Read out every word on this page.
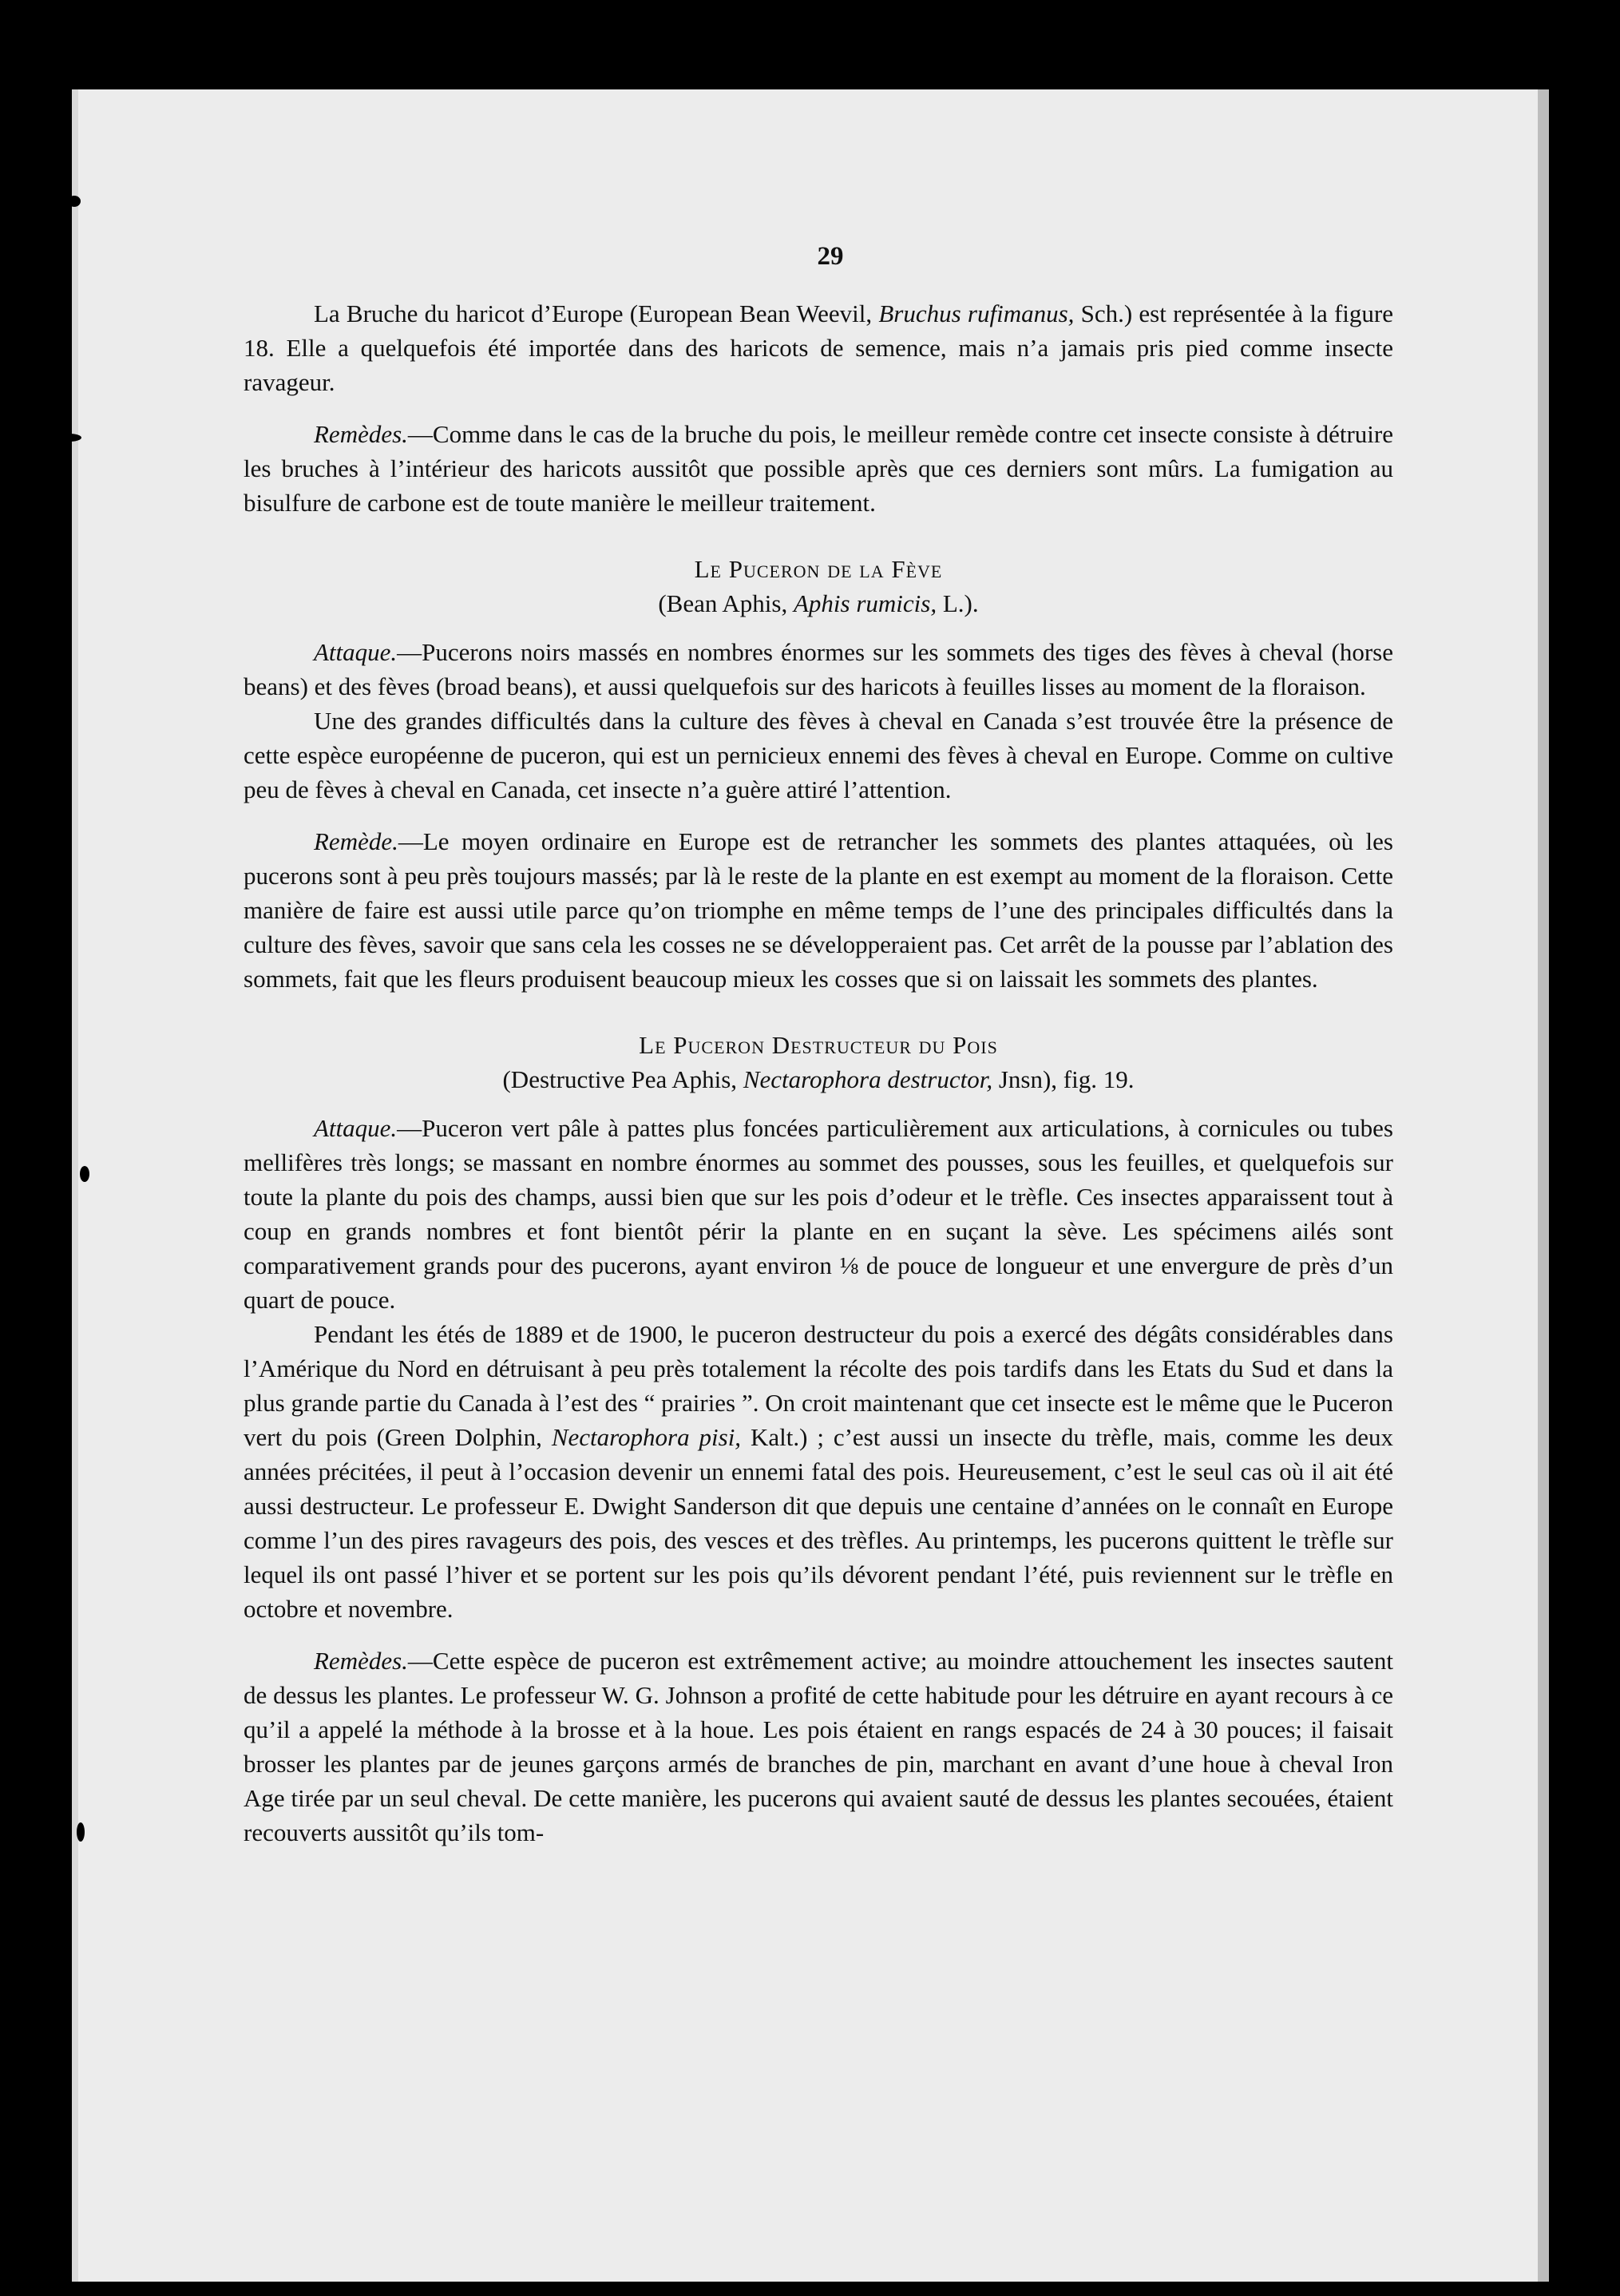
29

La Bruche du haricot d’Europe (European Bean Weevil, Bruchus rufimanus, Sch.) est représentée à la figure 18. Elle a quelquefois été importée dans des haricots de semence, mais n’a jamais pris pied comme insecte ravageur.

Remèdes.—Comme dans le cas de la bruche du pois, le meilleur remède contre cet insecte consiste à détruire les bruches à l’intérieur des haricots aussitôt que possible après que ces derniers sont mûrs. La fumigation au bisulfure de carbone est de toute manière le meilleur traitement.

Le Puceron de la Fève
(Bean Aphis, Aphis rumicis, L.).

Attaque.—Pucerons noirs massés en nombres énormes sur les sommets des tiges des fèves à cheval (horse beans) et des fèves (broad beans), et aussi quelquefois sur des haricots à feuilles lisses au moment de la floraison.

Une des grandes difficultés dans la culture des fèves à cheval en Canada s’est trouvée être la présence de cette espèce européenne de puceron, qui est un pernicieux ennemi des fèves à cheval en Europe. Comme on cultive peu de fèves à cheval en Canada, cet insecte n’a guère attiré l’attention.

Remède.—Le moyen ordinaire en Europe est de retrancher les sommets des plantes attaquées, où les pucerons sont à peu près toujours massés; par là le reste de la plante en est exempt au moment de la floraison. Cette manière de faire est aussi utile parce qu’on triomphe en même temps de l’une des principales difficultés dans la culture des fèves, savoir que sans cela les cosses ne se développeraient pas. Cet arrêt de la pousse par l’ablation des sommets, fait que les fleurs produisent beaucoup mieux les cosses que si on laissait les sommets des plantes.

Le Puceron Destructeur du Pois
(Destructive Pea Aphis, Nectarophora destructor, Jnsn), fig. 19.

Attaque.—Puceron vert pâle à pattes plus foncées particulièrement aux articulations, à cornicules ou tubes mellifères très longs; se massant en nombre énormes au sommet des pousses, sous les feuilles, et quelquefois sur toute la plante du pois des champs, aussi bien que sur les pois d’odeur et le trèfle. Ces insectes apparaissent tout à coup en grands nombres et font bientôt périr la plante en en suçant la sève. Les spécimens ailés sont comparativement grands pour des pucerons, ayant environ ⅛ de pouce de longueur et une envergure de près d’un quart de pouce.

Pendant les étés de 1889 et de 1900, le puceron destructeur du pois a exercé des dégâts considérables dans l’Amérique du Nord en détruisant à peu près totalement la récolte des pois tardifs dans les Etats du Sud et dans la plus grande partie du Canada à l’est des “ prairies ”. On croit maintenant que cet insecte est le même que le Puceron vert du pois (Green Dolphin, Nectarophora pisi, Kalt.) ; c’est aussi un insecte du trèfle, mais, comme les deux années précitées, il peut à l’occasion devenir un ennemi fatal des pois. Heureusement, c’est le seul cas où il ait été aussi destructeur. Le professeur E. Dwight Sanderson dit que depuis une centaine d’années on le connaît en Europe comme l’un des pires ravageurs des pois, des vesces et des trèfles. Au printemps, les pucerons quittent le trèfle sur lequel ils ont passé l’hiver et se portent sur les pois qu’ils dévorent pendant l’été, puis reviennent sur le trèfle en octobre et novembre.

Remèdes.—Cette espèce de puceron est extrêmement active; au moindre attouchement les insectes sautent de dessus les plantes. Le professeur W. G. Johnson a profité de cette habitude pour les détruire en ayant recours à ce qu’il a appelé la méthode à la brosse et à la houe. Les pois étaient en rangs espacés de 24 à 30 pouces; il faisait brosser les plantes par de jeunes garçons armés de branches de pin, marchant en avant d’une houe à cheval Iron Age tirée par un seul cheval. De cette manière, les pucerons qui avaient sauté de dessus les plantes secouées, étaient recouverts aussitôt qu’ils tom-
